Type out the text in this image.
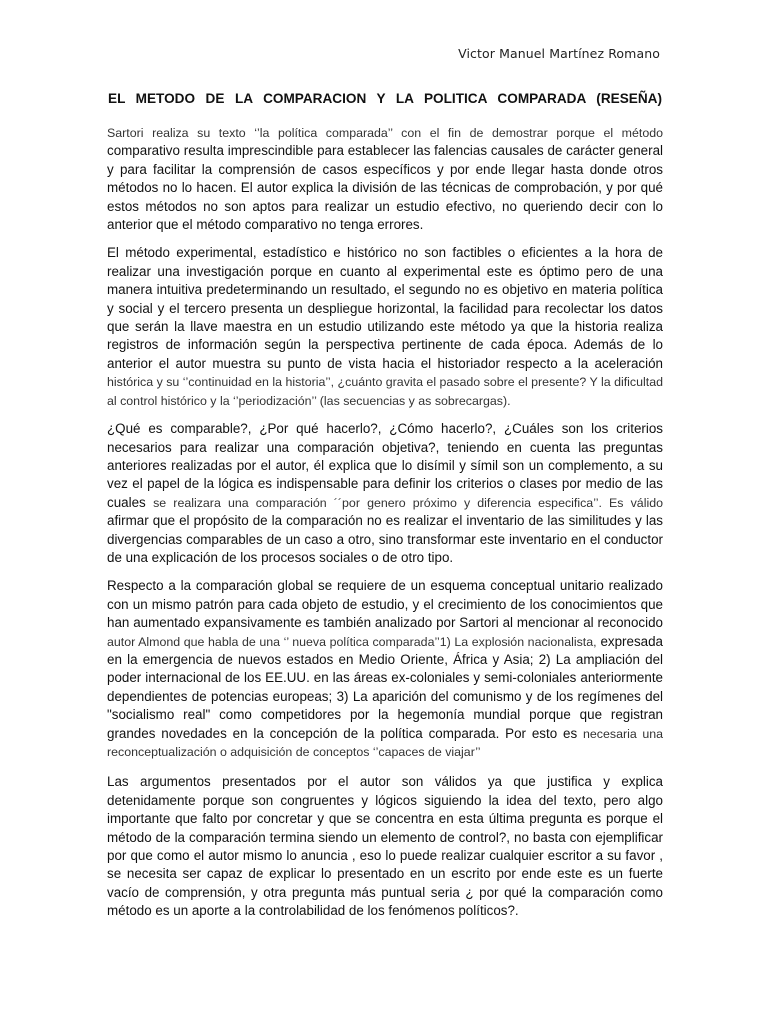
Victor Manuel Martínez Romano
EL METODO DE LA COMPARACION Y LA POLITICA COMPARADA (RESEÑA)

Sartori realiza su texto ‘’la política comparada’’ con el fin de demostrar porque el método comparativo resulta imprescindible para establecer las falencias causales de carácter general y para facilitar la comprensión de casos específicos y por ende llegar hasta donde otros métodos no lo hacen. El autor explica la división de las técnicas de comprobación, y por qué estos métodos no son aptos para realizar un estudio efectivo, no queriendo decir con lo anterior que el método comparativo no tenga errores.

El método experimental, estadístico e histórico no son factibles o eficientes a la hora de realizar una investigación porque en cuanto al experimental este es óptimo pero de una manera intuitiva predeterminando un resultado, el segundo no es objetivo en materia política y social y el tercero presenta un despliegue horizontal, la facilidad para recolectar los datos que serán la llave maestra en un estudio utilizando este método ya que la historia realiza registros de información según la perspectiva pertinente de cada época. Además de lo anterior el autor muestra su punto de vista hacia el historiador respecto a la aceleración histórica y su ‘’continuidad en la historia’’, ¿cuánto gravita el pasado sobre el presente? Y la dificultad al control histórico y la ‘’periodización’’ (las secuencias y as sobrecargas).

¿Qué es comparable?, ¿Por qué hacerlo?, ¿Cómo hacerlo?, ¿Cuáles son los criterios necesarios para realizar una comparación objetiva?, teniendo en cuenta las preguntas anteriores realizadas por el autor, él explica que lo disímil y símil son un complemento, a su vez el papel de la lógica es indispensable para definir los criterios o clases por medio de las cuales se realizara una comparación ´´por genero próximo y diferencia especifica’’. Es válido afirmar que el propósito de la comparación no es realizar el inventario de las similitudes y las divergencias comparables de un caso a otro, sino transformar este inventario en el conductor de una explicación de los procesos sociales o de otro tipo.

Respecto a la comparación global se requiere de un esquema conceptual unitario realizado con un mismo patrón para cada objeto de estudio, y el crecimiento de los conocimientos que han aumentado expansivamente es también analizado por Sartori al mencionar al reconocido autor Almond que habla de una ‘’ nueva política comparada’’1) La explosión nacionalista, expresada en la emergencia de nuevos estados en Medio Oriente, África y Asia; 2) La ampliación del poder internacional de los EE.UU. en las áreas ex-coloniales y semi-coloniales anteriormente dependientes de potencias europeas; 3) La aparición del comunismo y de los regímenes del "socialismo real" como competidores por la hegemonía mundial porque que registran grandes novedades en la concepción de la política comparada. Por esto es necesaria una reconceptualización o adquisición de conceptos ‘’capaces de viajar’’

Las argumentos presentados por el autor son válidos ya que justifica y explica detenidamente porque son congruentes y lógicos siguiendo la idea del texto, pero algo importante que falto por concretar y que se concentra en esta última pregunta es porque el método de la comparación termina siendo un elemento de control?, no basta con ejemplificar por que como el autor mismo lo anuncia , eso lo puede realizar cualquier escritor a su favor , se necesita ser capaz de explicar lo presentado en un escrito por ende este es un fuerte vacío de comprensión, y otra pregunta más puntual seria ¿ por qué la comparación como método es un aporte a la controlabilidad de los fenómenos políticos?.
